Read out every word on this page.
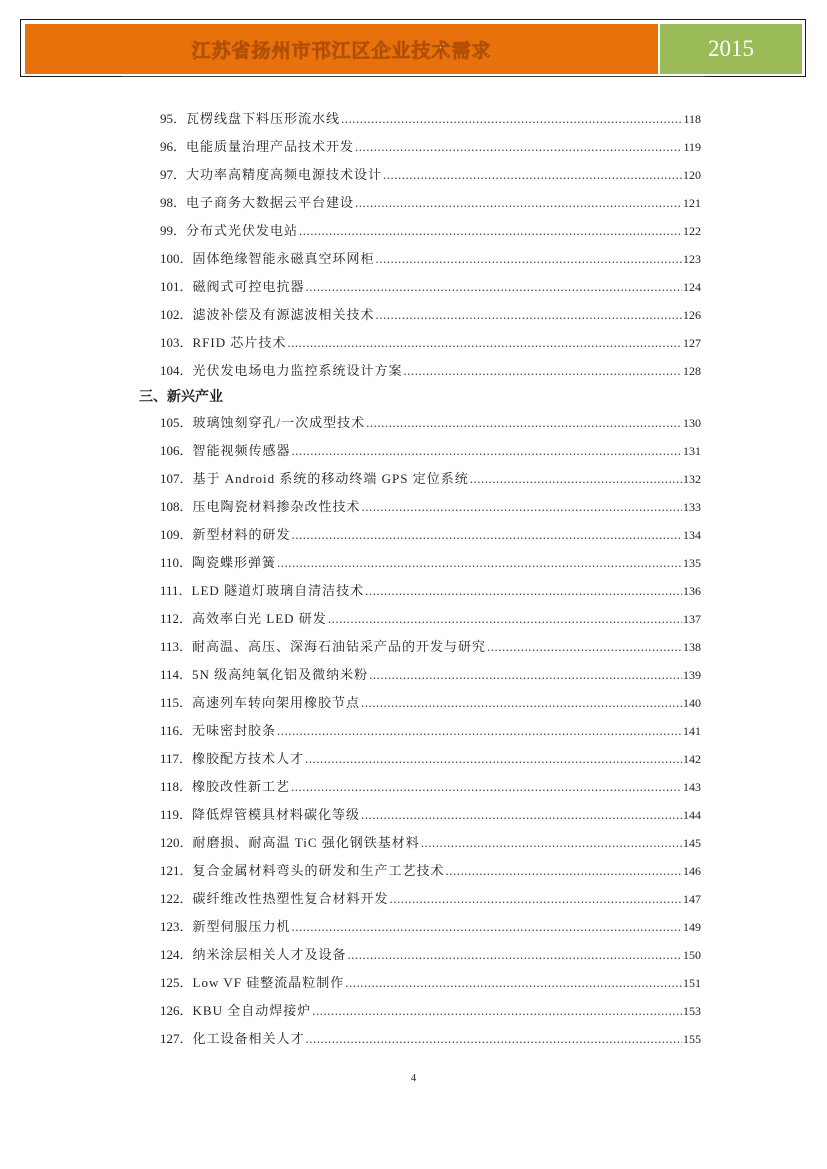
江苏省扬州市邗江区企业技术需求	2015
95． 瓦楞线盘下料压形流水线 .....	118
96． 电能质量治理产品技术开发 .....	119
97． 大功率高精度高频电源技术设计 .....	120
98． 电子商务大数据云平台建设 .....	121
99． 分布式光伏发电站 .....	122
100． 固体绝缘智能永磁真空环网柜 .....	123
101． 磁阀式可控电抗器 .....	124
102． 滤波补偿及有源滤波相关技术 .....	126
103． RFID 芯片技术 .....	127
104． 光伏发电场电力监控系统设计方案 .....	128
三、新兴产业
105． 玻璃蚀刻穿孔/一次成型技术 .....	130
106． 智能视频传感器 .....	131
107． 基于 Android 系统的移动终端 GPS 定位系统 .....	132
108． 压电陶瓷材料掺杂改性技术 .....	133
109． 新型材料的研发 .....	134
110． 陶瓷蝶形弹簧 .....	135
111． LED 隧道灯玻璃自清洁技术 .....	136
112． 高效率白光 LED 研发 .....	137
113． 耐高温、高压、深海石油钻采产品的开发与研究 .....	138
114． 5N 级高纯氧化铝及微纳米粉 .....	139
115． 高速列车转向架用橡胶节点 .....	140
116． 无味密封胶条 .....	141
117． 橡胶配方技术人才 .....	142
118． 橡胶改性新工艺 .....	143
119． 降低焊管模具材料碳化等级 .....	144
120． 耐磨损、耐高温 TiC 强化钢铁基材料 .....	145
121． 复合金属材料弯头的研发和生产工艺技术 .....	146
122． 碳纤维改性热塑性复合材料开发 .....	147
123． 新型伺服压力机 .....	149
124． 纳米涂层相关人才及设备 .....	150
125． Low VF 硅整流晶粒制作 .....	151
126． KBU 全自动焊接炉 .....	153
127． 化工设备相关人才 .....	155
4
